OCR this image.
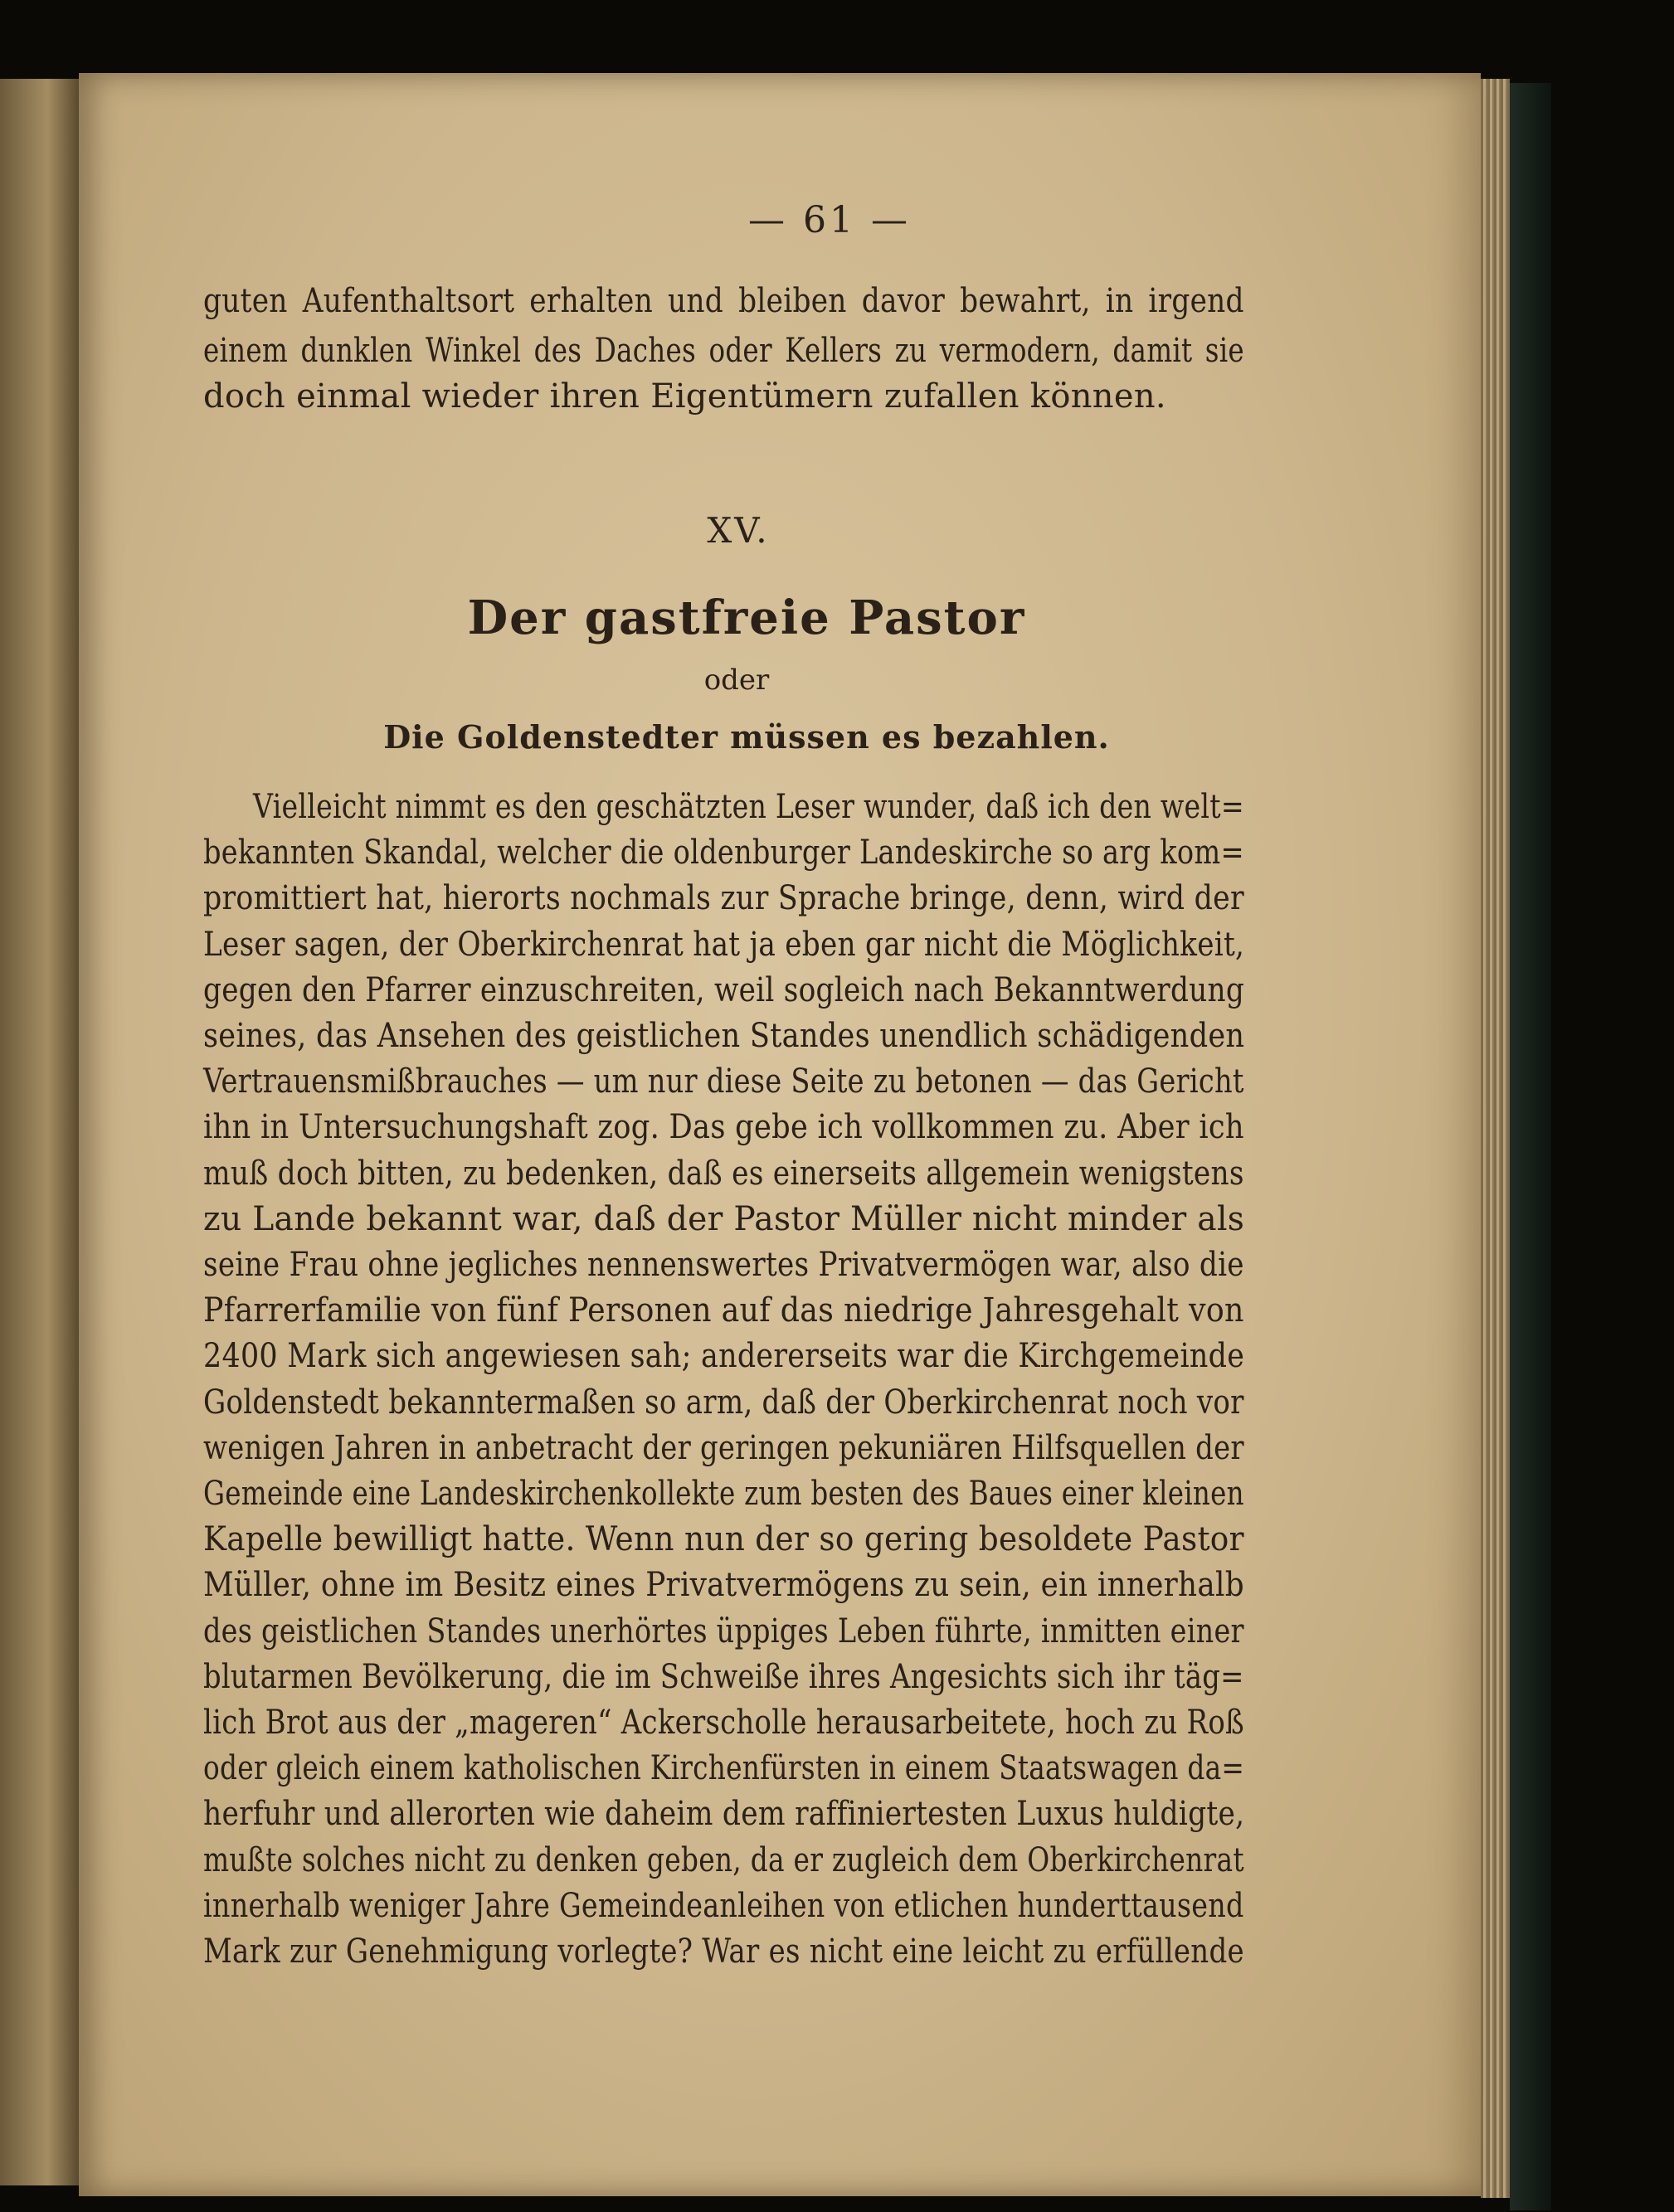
— 61 —
guten Aufenthaltsort erhalten und bleiben davor bewahrt, in irgend
einem dunklen Winkel des Daches oder Kellers zu vermodern, damit sie
doch einmal wieder ihren Eigentümern zufallen können.
XV.
Der gastfreie Pastor
oder
Die Goldenstedter müssen es bezahlen.
Vielleicht nimmt es den geschätzten Leser wunder, daß ich den welt=
bekannten Skandal, welcher die oldenburger Landeskirche so arg kom=
promittiert hat, hierorts nochmals zur Sprache bringe, denn, wird der
Leser sagen, der Oberkirchenrat hat ja eben gar nicht die Möglichkeit,
gegen den Pfarrer einzuschreiten, weil sogleich nach Bekanntwerdung
seines, das Ansehen des geistlichen Standes unendlich schädigenden
Vertrauensmißbrauches — um nur diese Seite zu betonen — das Gericht
ihn in Untersuchungshaft zog. Das gebe ich vollkommen zu. Aber ich
muß doch bitten, zu bedenken, daß es einerseits allgemein wenigstens
zu Lande bekannt war, daß der Pastor Müller nicht minder als
seine Frau ohne jegliches nennenswertes Privatvermögen war, also die
Pfarrerfamilie von fünf Personen auf das niedrige Jahresgehalt von
2400 Mark sich angewiesen sah; andererseits war die Kirchgemeinde
Goldenstedt bekanntermaßen so arm, daß der Oberkirchenrat noch vor
wenigen Jahren in anbetracht der geringen pekuniären Hilfsquellen der
Gemeinde eine Landeskirchenkollekte zum besten des Baues einer kleinen
Kapelle bewilligt hatte. Wenn nun der so gering besoldete Pastor
Müller, ohne im Besitz eines Privatvermögens zu sein, ein innerhalb
des geistlichen Standes unerhörtes üppiges Leben führte, inmitten einer
blutarmen Bevölkerung, die im Schweiße ihres Angesichts sich ihr täg=
lich Brot aus der „mageren“ Ackerscholle herausarbeitete, hoch zu Roß
oder gleich einem katholischen Kirchenfürsten in einem Staatswagen da=
herfuhr und allerorten wie daheim dem raffiniertesten Luxus huldigte,
mußte solches nicht zu denken geben, da er zugleich dem Oberkirchenrat
innerhalb weniger Jahre Gemeindeanleihen von etlichen hunderttausend
Mark zur Genehmigung vorlegte? War es nicht eine leicht zu erfüllende
